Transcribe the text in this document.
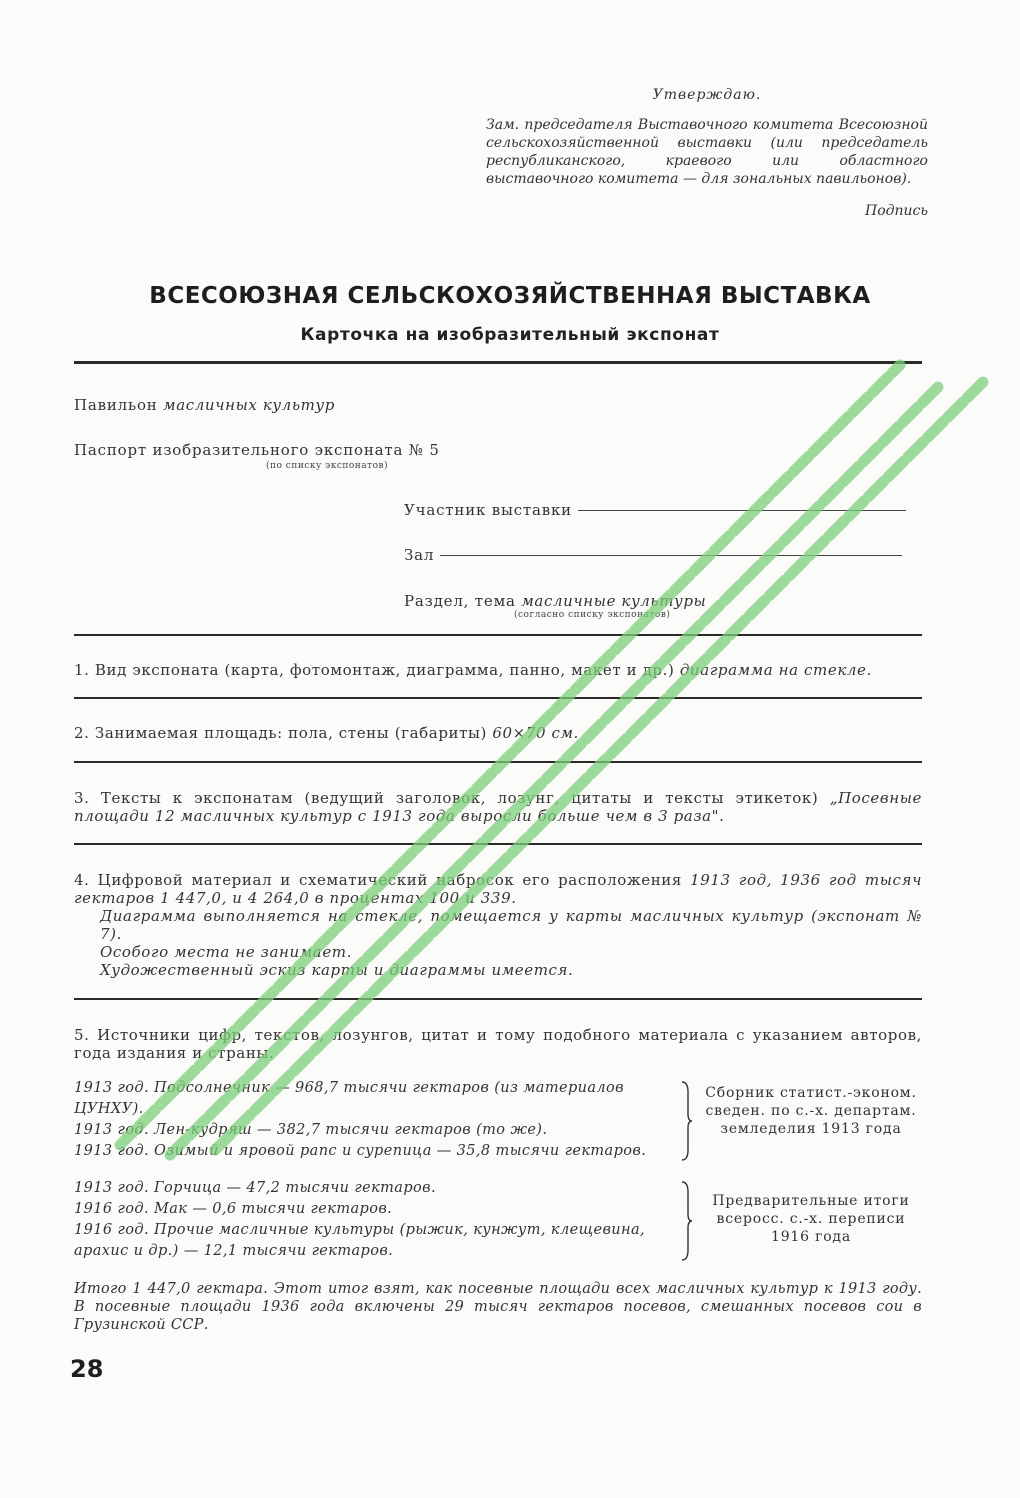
Утверждаю.
Зам. председателя Выставочного комитета Всесоюзной сельскохозяйственной выставки (или председатель республиканского, краевого или областного выставочного комитета — для зональных павильонов).
Подпись
ВСЕСОЮЗНАЯ СЕЛЬСКОХОЗЯЙСТВЕННАЯ ВЫСТАВКА
Карточка на изобразительный экспонат
Павильон масличных культур
Паспорт изобразительного экспоната № 5
(по списку экспонатов)
Участник выставки
Зал
Раздел, тема масличные культуры
(согласно списку экспонатов)
1. Вид экспоната (карта, фотомонтаж, диаграмма, панно, макет и др.) диаграмма на стекле.
2. Занимаемая площадь: пола, стены (габариты) 60×70 см.
3. Тексты к экспонатам (ведущий заголовок, лозунг, цитаты и тексты этикеток) „Посевные площади 12 масличных культур с 1913 года выросли больше чем в 3 раза".
4. Цифровой материал и схематический набросок его расположения 1913 год, 1936 год тысяч гектаров 1 447,0, и 4 264,0 в процентах 100 и 339.
Диаграмма выполняется на стекле, помещается у карты масличных культур (экспонат № 7).
Особого места не занимает.
Художественный эскиз карты и диаграммы имеется.
5. Источники цифр, текстов, лозунгов, цитат и тому подобного материала с указанием авторов, года издания и страны.
1913 год. Подсолнечник — 968,7 тысячи гектаров (из материалов ЦУНХУ).
1913 год. Лен-кудряш — 382,7 тысячи гектаров (то же).
1913 год. Озимый и яровой рапс и сурепица — 35,8 тысячи гектаров.
Сборник статист.-эконом. сведен. по с.-х. департам. земледелия 1913 года
1913 год. Горчица — 47,2 тысячи гектаров.
1916 год. Мак — 0,6 тысячи гектаров.
1916 год. Прочие масличные культуры (рыжик, кунжут, клещевина, арахис и др.) — 12,1 тысячи гектаров.
Предварительные итоги всеросс. с.-х. переписи 1916 года
Итого 1 447,0 гектара. Этот итог взят, как посевные площади всех масличных культур к 1913 году. В посевные площади 1936 года включены 29 тысяч гектаров посевов, смешанных посевов сои в Грузинской ССР.
28
